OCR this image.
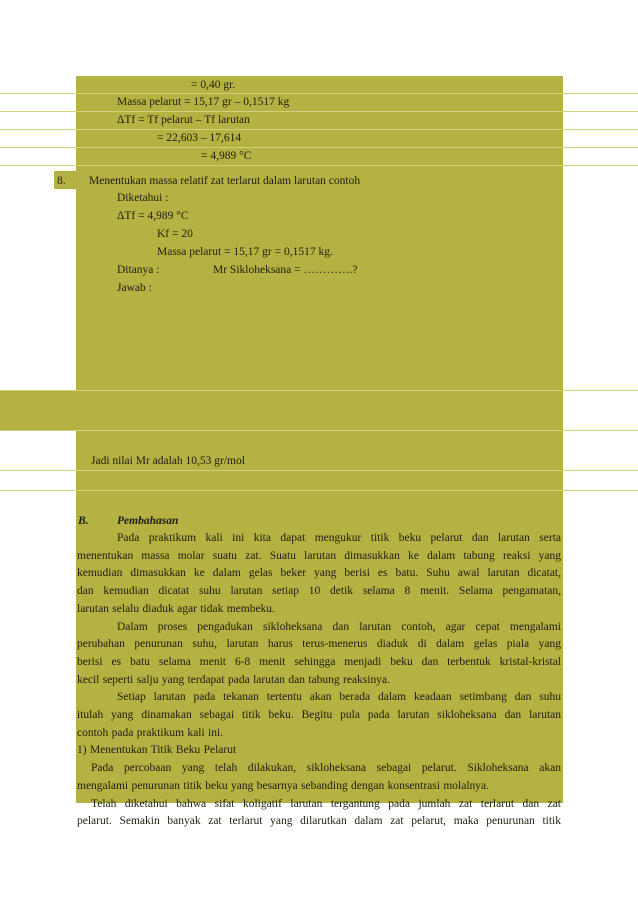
= 0,40 gr.
Massa pelarut = 15,17 gr – 0,1517 kg
ΔTf = Tf pelarut – Tf larutan
= 22,603 – 17,614
= 4,989 °C
8. Menentukan massa relatif zat terlarut dalam larutan contoh
Diketahui :
ΔTf = 4,989 °C
Kf = 20
Massa pelarut = 15,17 gr = 0,1517 kg.
Ditanya :	Mr Sikloheksana = ………….?
Jawab :
Jadi nilai Mr adalah 10,53 gr/mol
B. Pembahasan
Pada praktikum kali ini kita dapat mengukur titik beku pelarut dan larutan serta
menentukan massa molar suatu zat. Suatu larutan dimasukkan ke dalam tabung reaksi yang
kemudian dimasukkan ke dalam gelas beker yang berisi es batu. Suhu awal larutan dicatat,
dan kemudian dicatat suhu larutan setiap 10 detik selama 8 menit. Selama pengamatan,
larutan selalu diaduk agar tidak membeku.
Dalam proses pengadukan sikloheksana dan larutan contoh, agar cepat mengalami
perubahan penurunan suhu, larutan harus terus-menerus diaduk di dalam gelas piala yang
berisi es batu selama menit 6-8 menit sehingga menjadi beku dan terbentuk kristal-kristal
kecil seperti salju yang terdapat pada larutan dan tabung reaksinya.
Setiap larutan pada tekanan tertentu akan berada dalam keadaan setimbang dan suhu
itulah yang dinamakan sebagai titik beku. Begitu pula pada larutan sikloheksana dan larutan
contoh pada praktikum kali ini.
1) Menentukan Titik Beku Pelarut
Pada percobaan yang telah dilakukan, sikloheksana sebagai pelarut. Sikloheksana akan
mengalami penurunan titik beku yang besarnya sebanding dengan konsentrasi molalnya.
Telah diketahui bahwa sifat koligatif larutan tergantung pada jumlah zat terlarut dan zat
pelarut. Semakin banyak zat terlarut yang dilarutkan dalam zat pelarut, maka penurunan titik
